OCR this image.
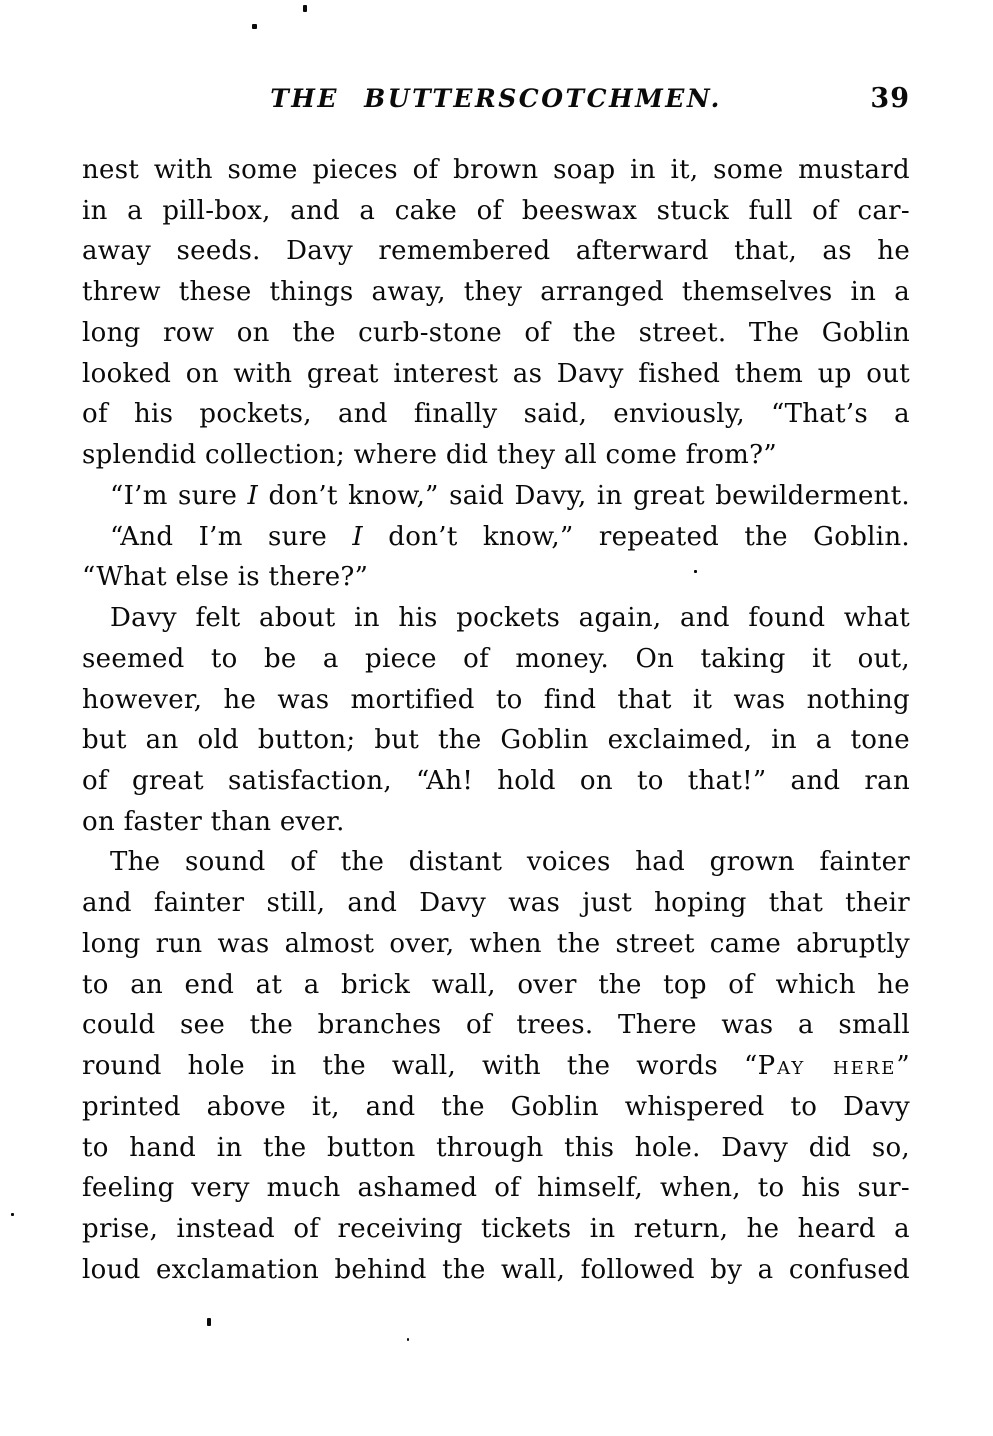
THE BUTTERSCOTCHMEN.	39
nest with some pieces of brown soap in it, some mustard
in a pill-box, and a cake of beeswax stuck full of car-
away seeds. Davy remembered afterward that, as he
threw these things away, they arranged themselves in a
long row on the curb-stone of the street. The Goblin
looked on with great interest as Davy fished them up out
of his pockets, and finally said, enviously, “That’s a
splendid collection; where did they all come from?”
“I’m sure I don’t know,” said Davy, in great bewilderment.
“And I’m sure I don’t know,” repeated the Goblin.
“What else is there?”
Davy felt about in his pockets again, and found what
seemed to be a piece of money. On taking it out,
however, he was mortified to find that it was nothing
but an old button; but the Goblin exclaimed, in a tone
of great satisfaction, “Ah! hold on to that!” and ran
on faster than ever.
The sound of the distant voices had grown fainter
and fainter still, and Davy was just hoping that their
long run was almost over, when the street came abruptly
to an end at a brick wall, over the top of which he
could see the branches of trees. There was a small
round hole in the wall, with the words “Pay here”
printed above it, and the Goblin whispered to Davy
to hand in the button through this hole. Davy did so,
feeling very much ashamed of himself, when, to his sur-
prise, instead of receiving tickets in return, he heard a
loud exclamation behind the wall, followed by a confused
